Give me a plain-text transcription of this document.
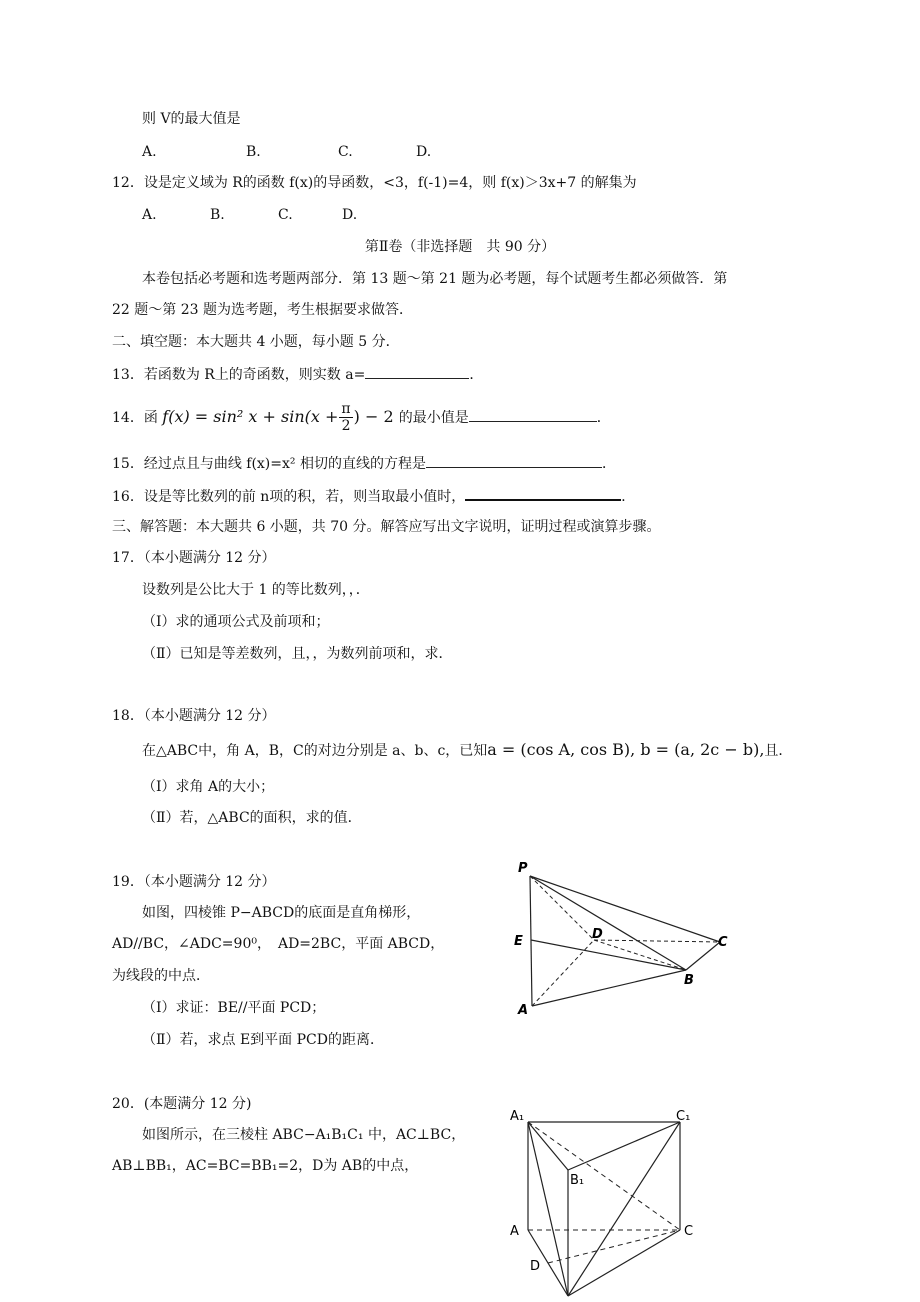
则 V的最大值是
A.	B.	C.	D.
12．设是定义域为 R的函数 f(x)的导函数，<3，f(-1)=4，则 f(x)＞3x+7 的解集为
A.	B.	C.	D.
第Ⅱ卷（非选择题　共 90 分）
本卷包括必考题和选考题两部分．第 13 题～第 21 题为必考题，每个试题考生都必须做答．第
22 题～第 23 题为选考题，考生根据要求做答．
二、填空题：本大题共 4 小题，每小题 5 分．
13．若函数为 R上的奇函数，则实数 a=	．
14．函 f(x) = sin² $x + \sin(x + \frac{\pi}{2}$ ) − 2 的最小值是	．
15．经过点且与曲线 f(x)=x² 相切的直线的方程是	．
16．设是等比数列的前 n项的积，若，则当取最小值时，	．
三、解答题：本大题共 6 小题，共 70 分。解答应写出文字说明，证明过程或演算步骤。
17．（本小题满分 12 分）
设数列是公比大于 1 的等比数列，，．
（Ⅰ）求的通项公式及前项和；
（Ⅱ）已知是等差数列，且，，为数列前项和，求．
18．（本小题满分 12 分）
在△ABC中，角 A，B，C的对边分别是 a、b、c，已知a = (cos A, cos B), b = (a, 2c − b),且．
（Ⅰ）求角 A的大小；
（Ⅱ）若，△ABC的面积，求的值．
19．（本小题满分 12 分）
如图，四棱锥 P−ABCD的底面是直角梯形，
AD//BC，∠ADC=90⁰，　AD=2BC，平面 ABCD，
为线段的中点．
（Ⅰ）求证：BE//平面 PCD；
（Ⅱ）若，求点 E到平面 PCD的距离．
P
E	D
C
B
A
20．(本题满分 12 分)
如图所示，在三棱柱 ABC−A₁B₁C₁ 中，AC⊥BC，
AB⊥BB₁，AC=BC=BB₁=2，D为 AB的中点，
A₁	C₁
B₁
A	C
D
